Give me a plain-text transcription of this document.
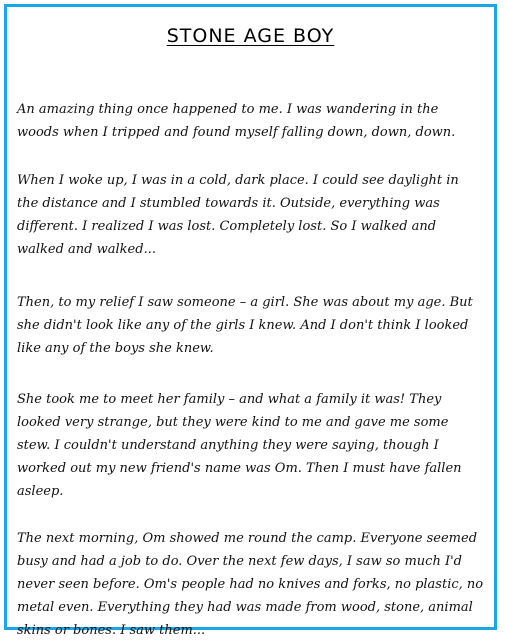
STONE AGE BOY

An amazing thing once happened to me. I was wandering in the
woods when I tripped and found myself falling down, down, down.

When I woke up, I was in a cold, dark place. I could see daylight in
the distance and I stumbled towards it. Outside, everything was
different. I realized I was lost. Completely lost. So I walked and
walked and walked...

Then, to my relief I saw someone – a girl. She was about my age. But
she didn't look like any of the girls I knew. And I don't think I looked
like any of the boys she knew.

She took me to meet her family – and what a family it was! They
looked very strange, but they were kind to me and gave me some
stew. I couldn't understand anything they were saying, though I
worked out my new friend's name was Om. Then I must have fallen
asleep.

The next morning, Om showed me round the camp. Everyone seemed
busy and had a job to do. Over the next few days, I saw so much I'd
never seen before. Om's people had no knives and forks, no plastic, no
metal even. Everything they had was made from wood, stone, animal
skins or bones. I saw them...
